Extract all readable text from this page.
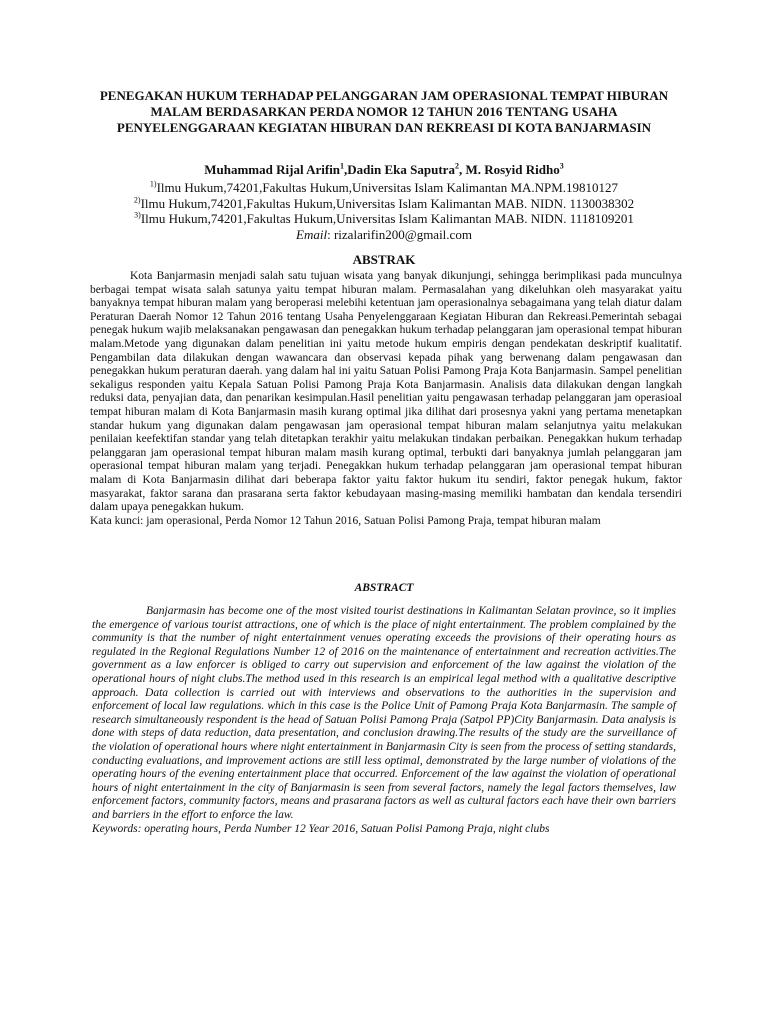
PENEGAKAN HUKUM TERHADAP PELANGGARAN JAM OPERASIONAL TEMPAT HIBURAN MALAM BERDASARKAN PERDA NOMOR 12 TAHUN 2016 TENTANG USAHA PENYELENGGARAAN KEGIATAN HIBURAN DAN REKREASI DI KOTA BANJARMASIN
Muhammad Rijal Arifin$^1$,Dadin Eka Saputra$^2$, M. Rosyid Ridho$^3$
$^{1)}$Ilmu Hukum,74201,Fakultas Hukum,Universitas Islam Kalimantan MA.NPM.19810127
$^{2)}$Ilmu Hukum,74201,Fakultas Hukum,Universitas Islam Kalimantan MAB. NIDN. 1130038302
$^{3)}$Ilmu Hukum,74201,Fakultas Hukum,Universitas Islam Kalimantan MAB. NIDN. 1118109201
Email: rizalarifin200@gmail.com
ABSTRAK

Kota Banjarmasin menjadi salah satu tujuan wisata yang banyak dikunjungi, sehingga berimplikasi pada munculnya berbagai tempat wisata salah satunya yaitu tempat hiburan malam. Permasalahan yang dikeluhkan oleh masyarakat yaitu banyaknya tempat hiburan malam yang beroperasi melebihi ketentuan jam operasionalnya sebagaimana yang telah diatur dalam Peraturan Daerah Nomor 12 Tahun 2016 tentang Usaha Penyelenggaraan Kegiatan Hiburan dan Rekreasi.Pemerintah sebagai penegak hukum wajib melaksanakan pengawasan dan penegakkan hukum terhadap pelanggaran jam operasional tempat hiburan malam.Metode yang digunakan dalam penelitian ini yaitu metode hukum empiris dengan pendekatan deskriptif kualitatif. Pengambilan data dilakukan dengan wawancara dan observasi kepada pihak yang berwenang dalam pengawasan dan penegakkan hukum peraturan daerah. yang dalam hal ini yaitu Satuan Polisi Pamong Praja Kota Banjarmasin. Sampel penelitian sekaligus responden yaitu Kepala Satuan Polisi Pamong Praja Kota Banjarmasin. Analisis data dilakukan dengan langkah reduksi data, penyajian data, dan penarikan kesimpulan.Hasil penelitian yaitu pengawasan terhadap pelanggaran jam operasioal tempat hiburan malam di Kota Banjarmasin masih kurang optimal jika dilihat dari prosesnya yakni yang pertama menetapkan standar hukum yang digunakan dalam pengawasan jam operasional tempat hiburan malam selanjutnya yaitu melakukan penilaian keefektifan standar yang telah ditetapkan terakhir yaitu melakukan tindakan perbaikan. Penegakkan hukum terhadap pelanggaran jam operasional tempat hiburan malam masih kurang optimal, terbukti dari banyaknya jumlah pelanggaran jam operasional tempat hiburan malam yang terjadi. Penegakkan hukum terhadap pelanggaran jam operasional tempat hiburan malam di Kota Banjarmasin dilihat dari beberapa faktor yaitu faktor hukum itu sendiri, faktor penegak hukum, faktor masyarakat, faktor sarana dan prasarana serta faktor kebudayaan masing-masing memiliki hambatan dan kendala tersendiri dalam upaya penegakkan hukum.

Kata kunci: jam operasional, Perda Nomor 12 Tahun 2016, Satuan Polisi Pamong Praja, tempat hiburan malam
ABSTRACT

Banjarmasin has become one of the most visited tourist destinations in Kalimantan Selatan province, so it implies the emergence of various tourist attractions, one of which is the place of night entertainment. The problem complained by the community is that the number of night entertainment venues operating exceeds the provisions of their operating hours as regulated in the Regional Regulations Number 12 of 2016 on the maintenance of entertainment and recreation activities.The government as a law enforcer is obliged to carry out supervision and enforcement of the law against the violation of the operational hours of night clubs.The method used in this research is an empirical legal method with a qualitative descriptive approach. Data collection is carried out with interviews and observations to the authorities in the supervision and enforcement of local law regulations. which in this case is the Police Unit of Pamong Praja Kota Banjarmasin. The sample of research simultaneously respondent is the head of Satuan Polisi Pamong Praja (Satpol PP)City Banjarmasin. Data analysis is done with steps of data reduction, data presentation, and conclusion drawing.The results of the study are the surveillance of the violation of operational hours where night entertainment in Banjarmasin City is seen from the process of setting standards, conducting evaluations, and improvement actions are still less optimal, demonstrated by the large number of violations of the operating hours of the evening entertainment place that occurred. Enforcement of the law against the violation of operational hours of night entertainment in the city of Banjarmasin is seen from several factors, namely the legal factors themselves, law enforcement factors, community factors, means and prasarana factors as well as cultural factors each have their own barriers and barriers in the effort to enforce the law.

Keywords: operating hours, Perda Number 12 Year 2016, Satuan Polisi Pamong Praja, night clubs
